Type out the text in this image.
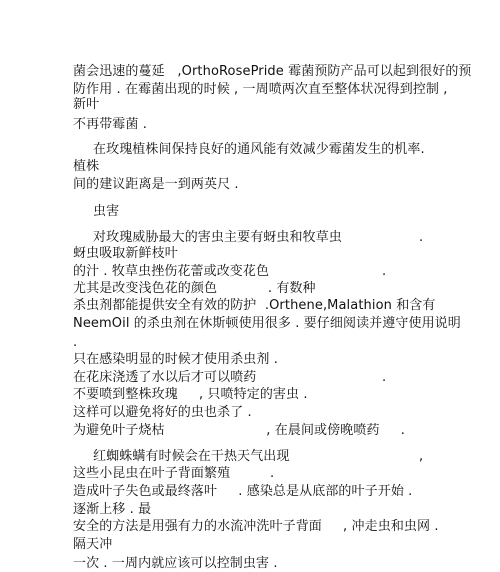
菌会迅速的蔓延   ,OrthoRosePride 霉菌预防产品可以起到很好的预
防作用 . 在霉菌出现的时候 , 一周喷两次直至整体状况得到控制 ,
新叶
不再带霉菌 .
在玫瑰植株间保持良好的通风能有效减少霉菌发生的机率.
植株
间的建议距离是一到两英尺 .
虫害
对玫瑰威胁最大的害虫主要有蚜虫和牧草虫	.
蚜虫吸取新鲜枝叶
的汁 . 牧草虫挫伤花蕾或改变花色	.
尤其是改变浅色花的颜色            . 有数种
杀虫剂都能提供安全有效的防护  .Orthene,Malathion 和含有
NeemOil 的杀虫剂在休斯顿使用很多 . 要仔细阅读并遵守使用说明
.
只在感染明显的时候才使用杀虫剂 .
在花床浇透了水以后才可以喷药	.
不要喷到整株玫瑰     , 只喷特定的害虫 .
这样可以避免将好的虫也杀了 .
为避免叶子烧枯                        , 在晨间或傍晚喷药     .
红蜘蛛螨有时候会在干热天气出现	,
这些小昆虫在叶子背面繁殖	.
造成叶子失色或最终落叶     . 感染总是从底部的叶子开始 .
逐渐上移 . 最
安全的方法是用强有力的水流冲洗叶子背面     , 冲走虫和虫网 .
隔天冲
一次 . 一周内就应该可以控制虫害 .
